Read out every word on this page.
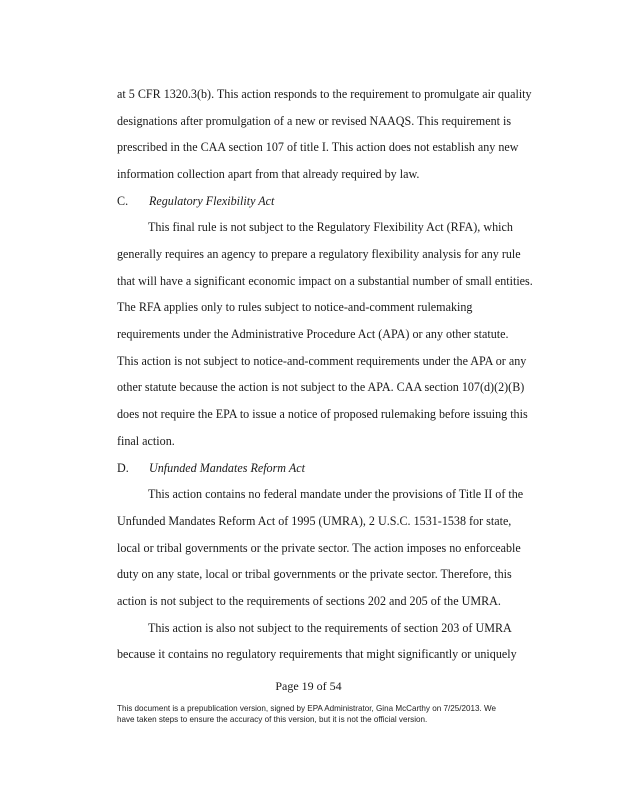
at 5 CFR 1320.3(b). This action responds to the requirement to promulgate air quality
designations after promulgation of a new or revised NAAQS. This requirement is
prescribed in the CAA section 107 of title I. This action does not establish any new
information collection apart from that already required by law.
C. Regulatory Flexibility Act
This final rule is not subject to the Regulatory Flexibility Act (RFA), which
generally requires an agency to prepare a regulatory flexibility analysis for any rule
that will have a significant economic impact on a substantial number of small entities.
The RFA applies only to rules subject to notice-and-comment rulemaking
requirements under the Administrative Procedure Act (APA) or any other statute.
This action is not subject to notice-and-comment requirements under the APA or any
other statute because the action is not subject to the APA. CAA section 107(d)(2)(B)
does not require the EPA to issue a notice of proposed rulemaking before issuing this
final action.
D. Unfunded Mandates Reform Act
This action contains no federal mandate under the provisions of Title II of the
Unfunded Mandates Reform Act of 1995 (UMRA), 2 U.S.C. 1531-1538 for state,
local or tribal governments or the private sector. The action imposes no enforceable
duty on any state, local or tribal governments or the private sector. Therefore, this
action is not subject to the requirements of sections 202 and 205 of the UMRA.
This action is also not subject to the requirements of section 203 of UMRA
because it contains no regulatory requirements that might significantly or uniquely
Page 19 of 54
This document is a prepublication version, signed by EPA Administrator, Gina McCarthy on 7/25/2013. We have taken steps to ensure the accuracy of this version, but it is not the official version.
